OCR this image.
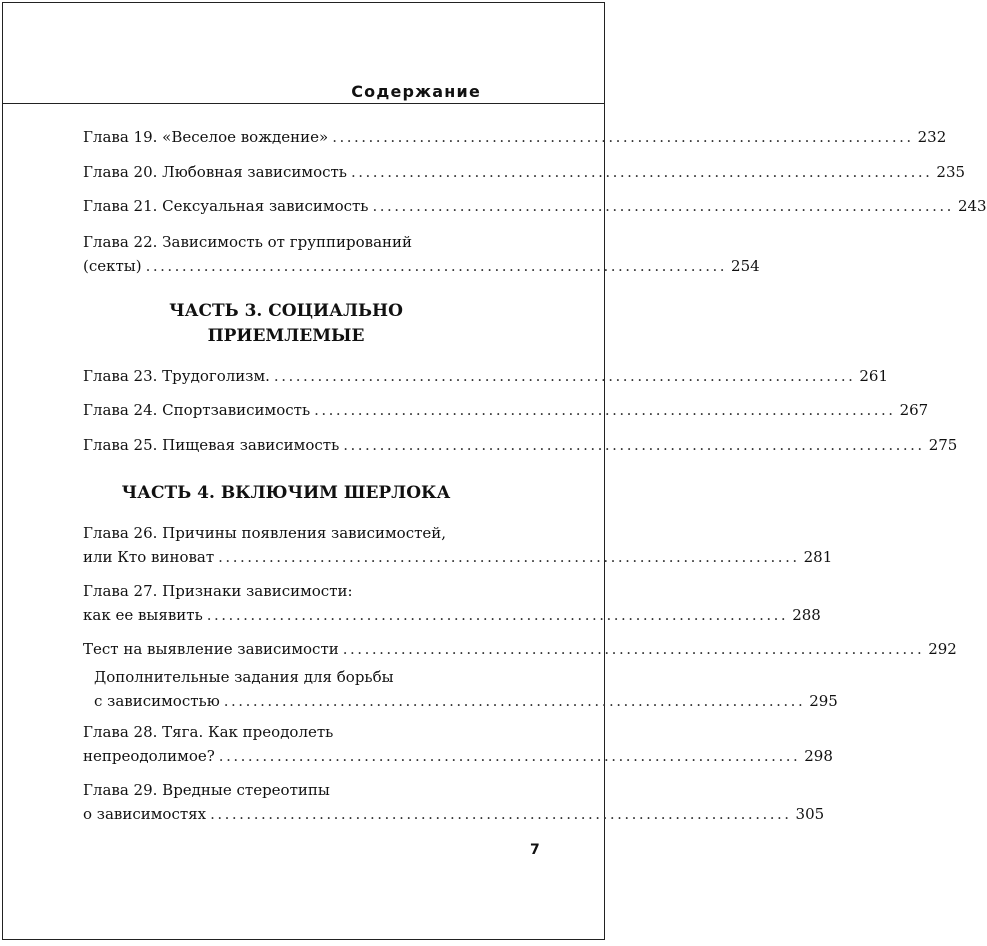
Содержание
Глава 19. «Веселое вождение» ................................................................................ 232
Глава 20. Любовная зависимость ................................................................................ 235
Глава 21. Сексуальная зависимость ................................................................................ 243
Глава 22. Зависимость от группирований
(секты) ................................................................................ 254
ЧАСТЬ 3. СОЦИАЛЬНО
ПРИЕМЛЕМЫЕ
Глава 23. Трудоголизм. ................................................................................ 261
Глава 24. Спортзависимость ................................................................................ 267
Глава 25. Пищевая зависимость ................................................................................ 275
ЧАСТЬ 4. ВКЛЮЧИМ ШЕРЛОКА
Глава 26. Причины появления зависимостей,
или Кто виноват ................................................................................ 281
Глава 27. Признаки зависимости:
как ее выявить ................................................................................ 288
Тест на выявление зависимости ................................................................................ 292
Дополнительные задания для борьбы
с зависимостью ................................................................................ 295
Глава 28. Тяга. Как преодолеть
непреодолимое? ................................................................................ 298
Глава 29. Вредные стереотипы
о зависимостях ................................................................................ 305
7
